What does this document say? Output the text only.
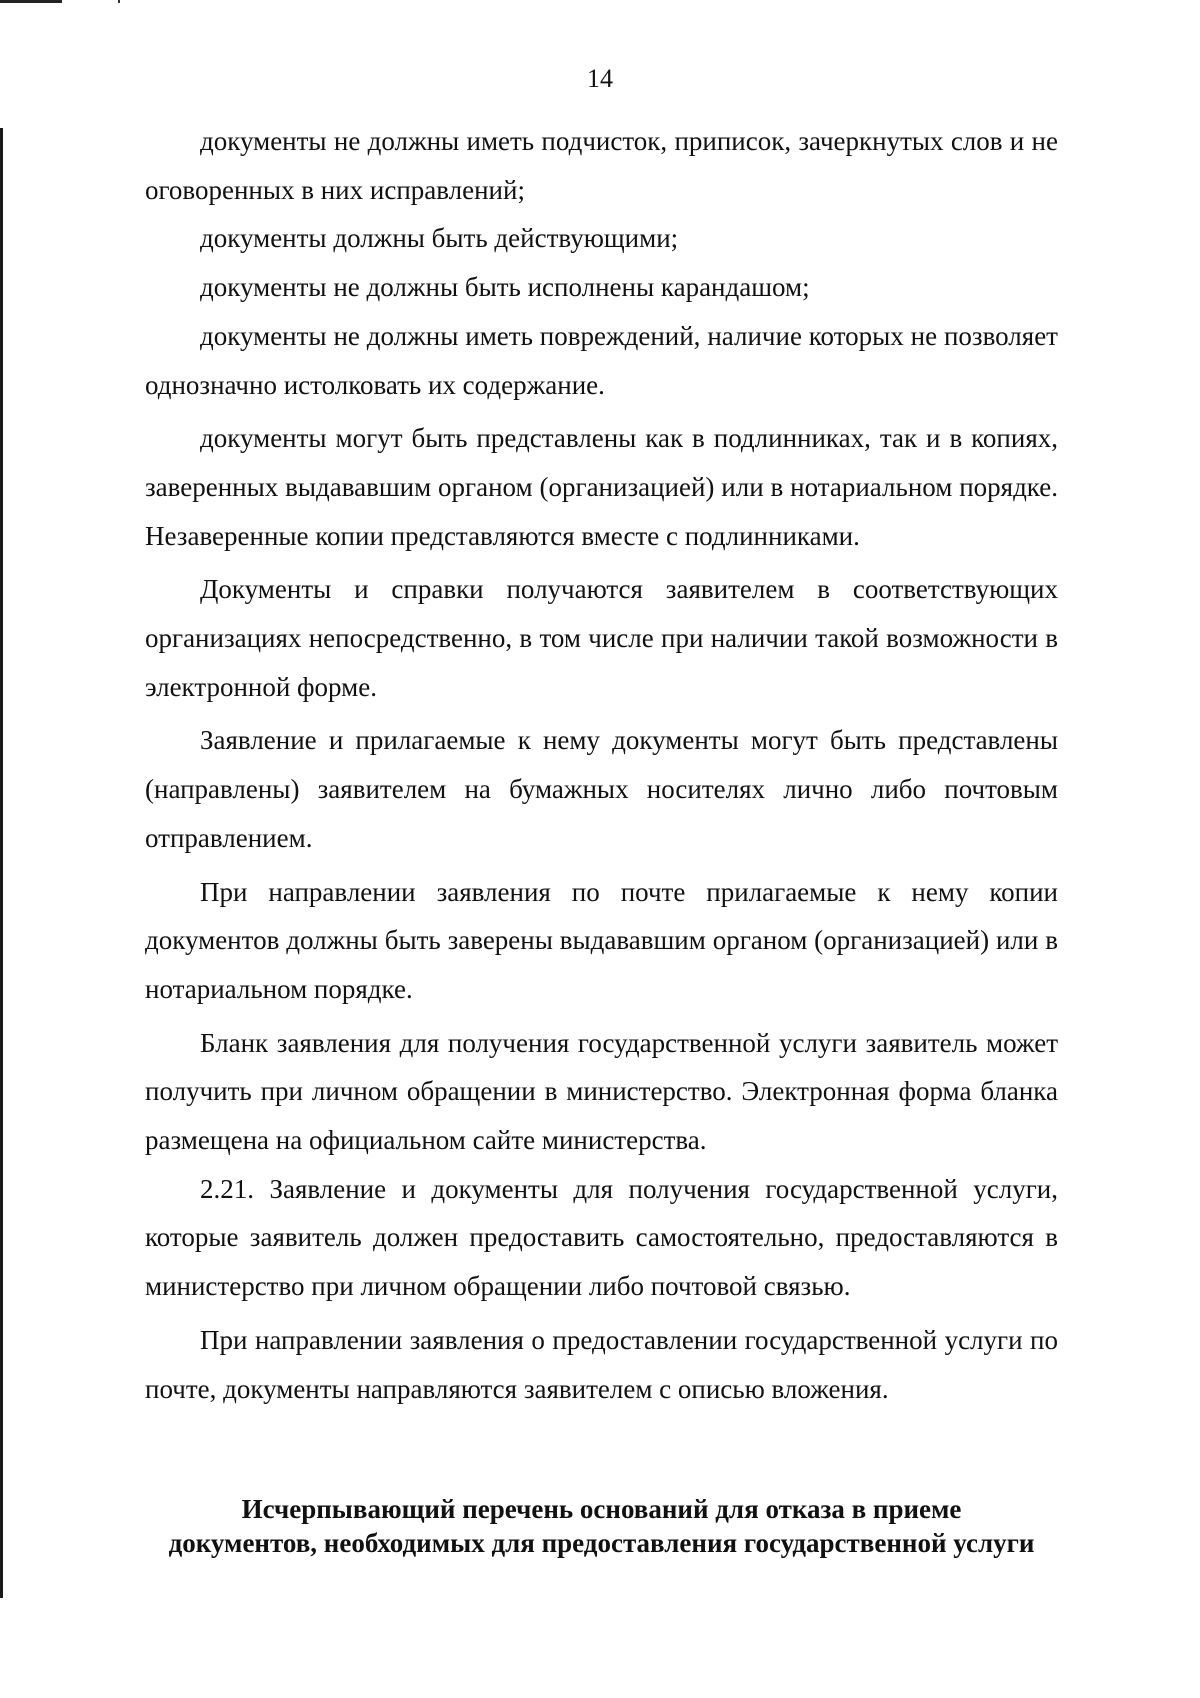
14

документы не должны иметь подчисток, приписок, зачеркнутых слов и не оговоренных в них исправлений;

документы должны быть действующими;

документы не должны быть исполнены карандашом;

документы не должны иметь повреждений, наличие которых не позволяет однозначно истолковать их содержание.

документы могут быть представлены как в подлинниках, так и в копиях, заверенных выдававшим органом (организацией) или в нотариальном порядке. Незаверенные копии представляются вместе с подлинниками.

Документы и справки получаются заявителем в соответствующих организациях непосредственно, в том числе при наличии такой возможности в электронной форме.

Заявление и прилагаемые к нему документы могут быть представлены (направлены) заявителем на бумажных носителях лично либо почтовым отправлением.

При направлении заявления по почте прилагаемые к нему копии документов должны быть заверены выдававшим органом (организацией) или в нотариальном порядке.

Бланк заявления для получения государственной услуги заявитель может получить при личном обращении в министерство. Электронная форма бланка размещена на официальном сайте министерства.

2.21. Заявление и документы для получения государственной услуги, которые заявитель должен предоставить самостоятельно, предоставляются в министерство при личном обращении либо почтовой связью.

При направлении заявления о предоставлении государственной услуги по почте, документы направляются заявителем с описью вложения.

Исчерпывающий перечень оснований для отказа в приеме
документов, необходимых для предоставления государственной услуги
